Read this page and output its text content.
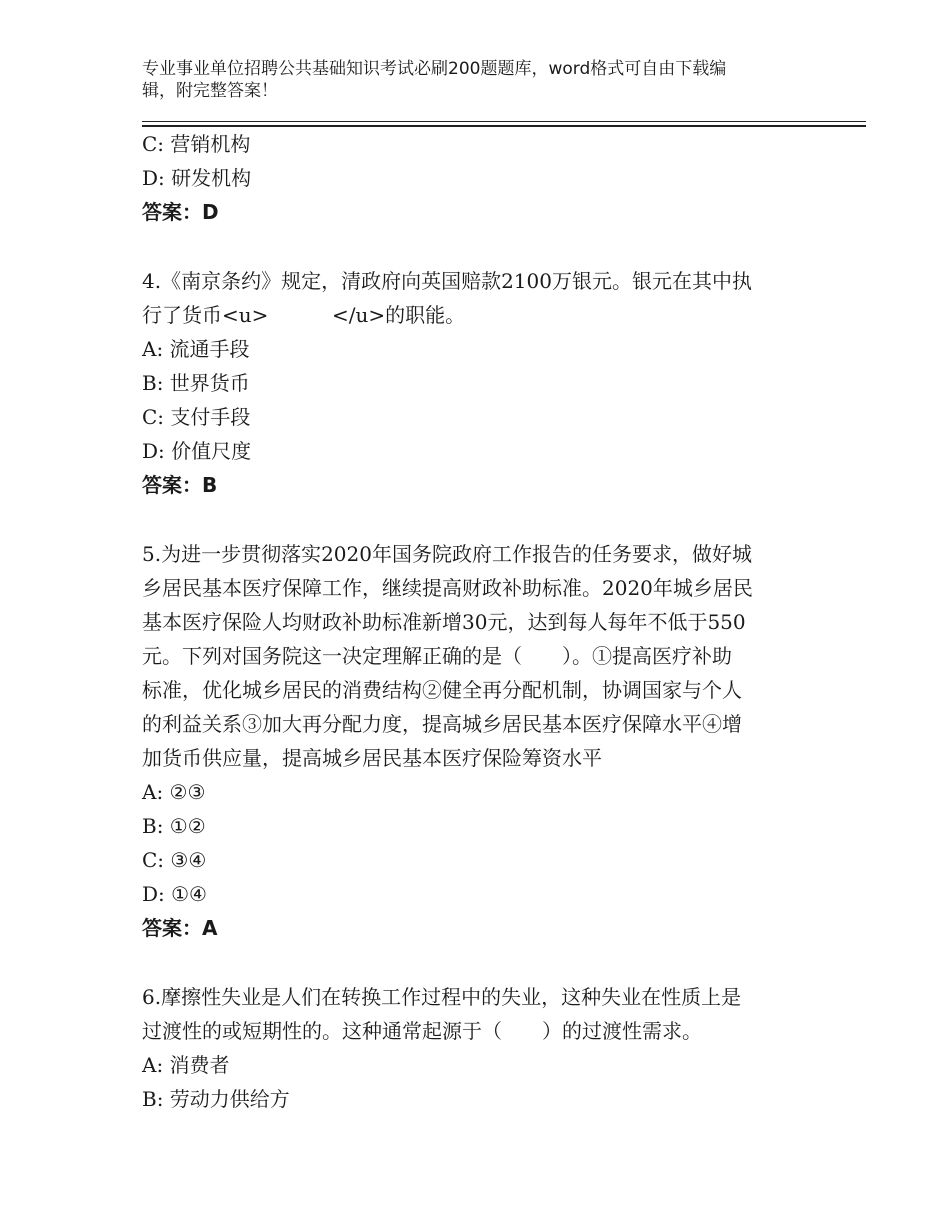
专业事业单位招聘公共基础知识考试必刷200题题库，word格式可自由下载编
辑，附完整答案！
C: 营销机构
D: 研发机构
答案：D
4.《南京条约》规定，清政府向英国赔款2100万银元。银元在其中执
行了货币<u>          </u>的职能。
A: 流通手段
B: 世界货币
C: 支付手段
D: 价值尺度
答案：B
5.为进一步贯彻落实2020年国务院政府工作报告的任务要求，做好城
乡居民基本医疗保障工作，继续提高财政补助标准。2020年城乡居民
基本医疗保险人均财政补助标准新增30元，达到每人每年不低于550
元。下列对国务院这一决定理解正确的是（　　）。①提高医疗补助
标准，优化城乡居民的消费结构②健全再分配机制，协调国家与个人
的利益关系③加大再分配力度，提高城乡居民基本医疗保障水平④增
加货币供应量，提高城乡居民基本医疗保险筹资水平
A: ②③
B: ①②
C: ③④
D: ①④
答案：A
6.摩擦性失业是人们在转换工作过程中的失业，这种失业在性质上是
过渡性的或短期性的。这种通常起源于（　　）的过渡性需求。
A: 消费者
B: 劳动力供给方
